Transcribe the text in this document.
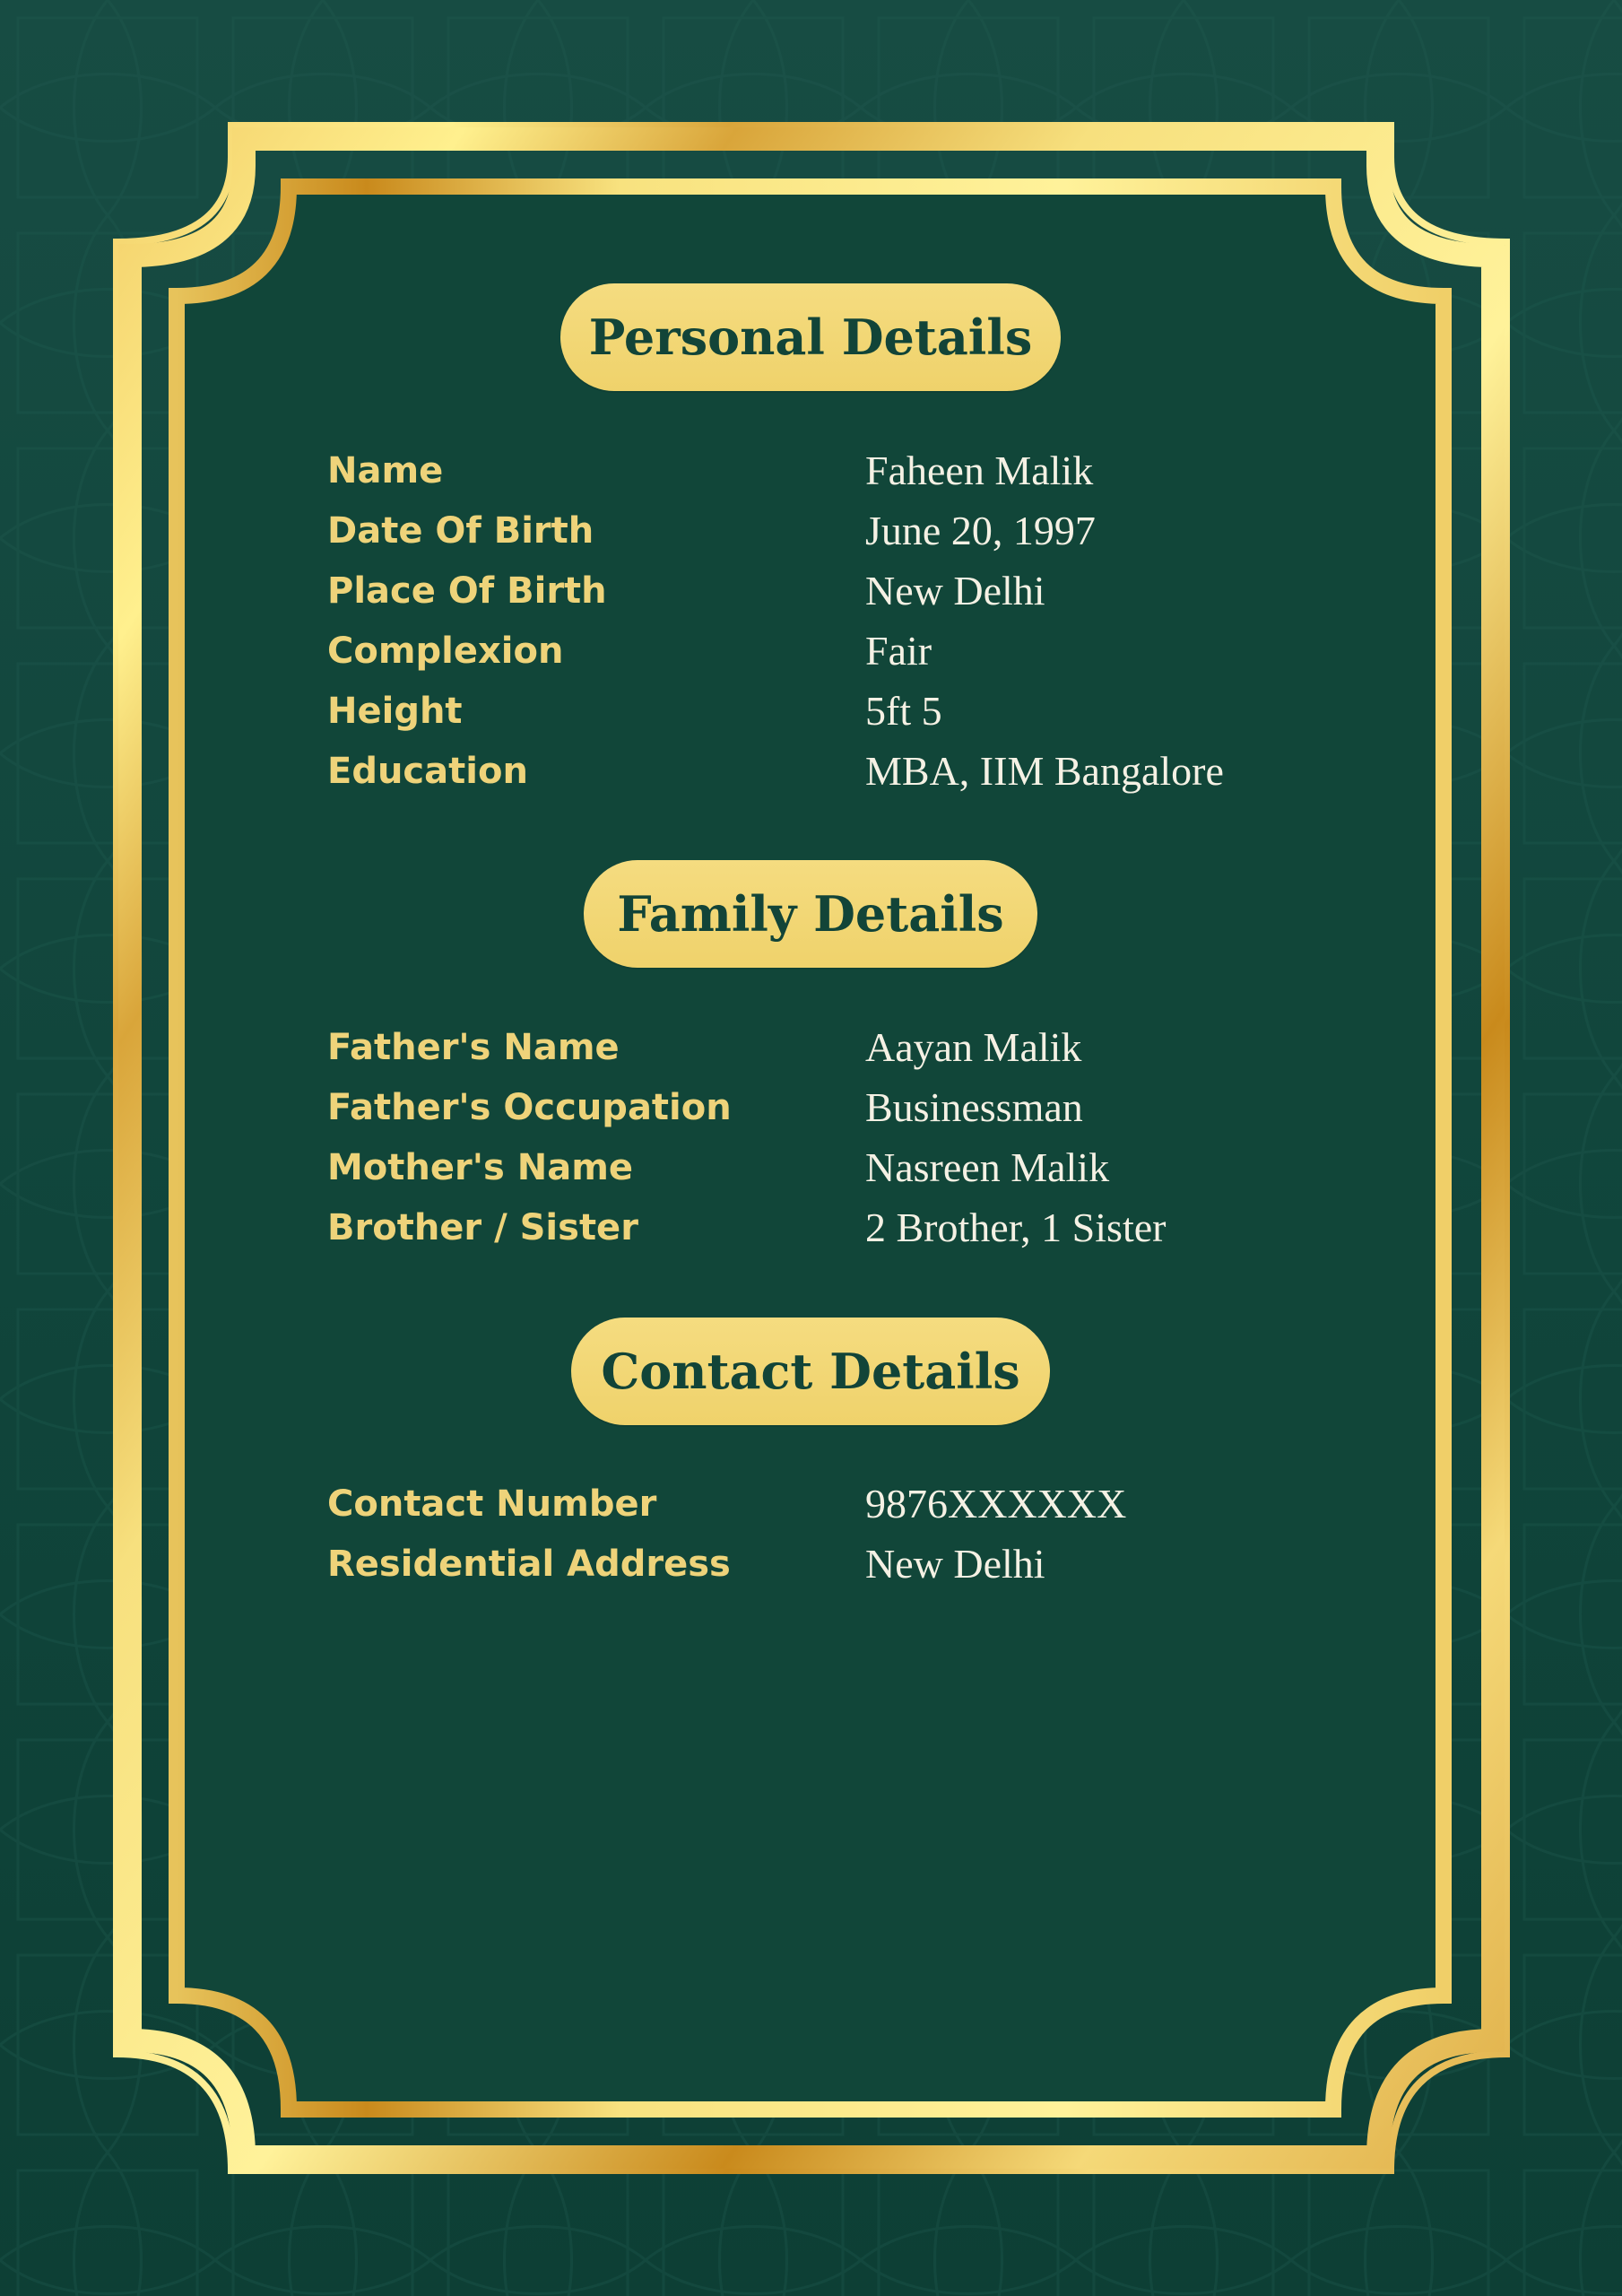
Personal Details
Name	Faheen Malik
Date Of Birth	June 20, 1997
Place Of Birth	New Delhi
Complexion	Fair
Height	5ft 5
Education	MBA, IIM Bangalore
Family Details
Father's Name	Aayan Malik
Father's Occupation	Businessman
Mother's Name	Nasreen Malik
Brother / Sister	2 Brother, 1 Sister
Contact Details
Contact Number	9876XXXXXX
Residential Address	New Delhi
